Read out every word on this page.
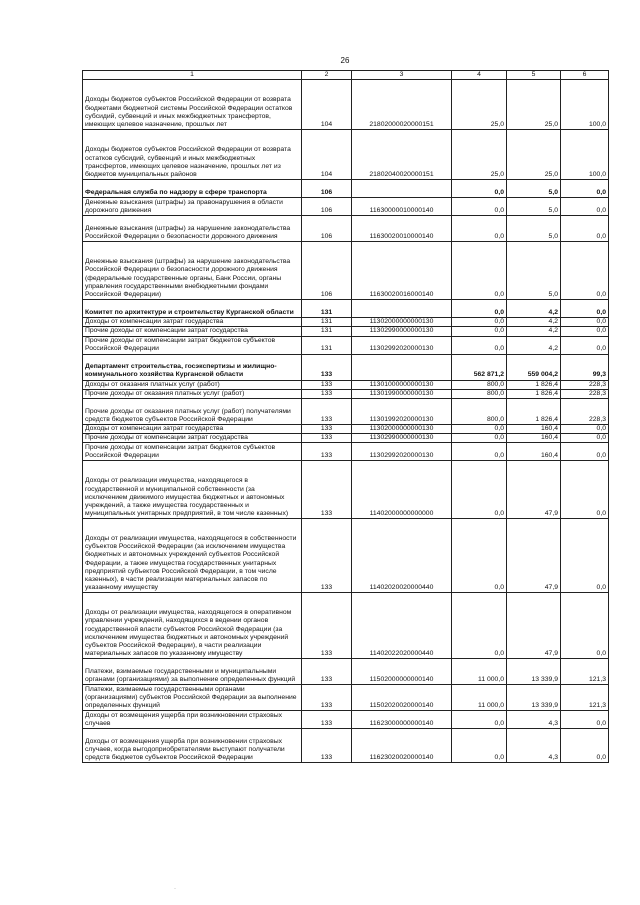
26
1	2	3	4	5	6
Доходы бюджетов субъектов Российской Федерации от возврата бюджетами бюджетной системы Российской Федерации остатков субсидий, субвенций и иных межбюджетных трансфертов, имеющих целевое назначение, прошлых лет	104	21802000020000151	25,0	25,0	100,0
Доходы бюджетов субъектов Российской Федерации от возврата остатков субсидий, субвенций и иных межбюджетных трансфертов, имеющих целевое назначение, прошлых лет из бюджетов муниципальных районов	104	21802040020000151	25,0	25,0	100,0
Федеральная служба по надзору в сфере транспорта	106		0,0	5,0	0,0
Денежные взыскания (штрафы) за правонарушения в области дорожного движения	106	11630000010000140	0,0	5,0	0,0
Денежные взыскания (штрафы) за нарушение законодательства Российской Федерации о безопасности дорожного движения	106	11630020010000140	0,0	5,0	0,0
Денежные взыскания (штрафы) за нарушение законодательства Российской Федерации о безопасности дорожного движения (федеральные государственные органы, Банк России, органы управления государственными внебюджетными фондами Российской Федерации)	106	11630020016000140	0,0	5,0	0,0
Комитет по архитектуре и строительству Курганской области	131		0,0	4,2	0,0
Доходы от компенсации затрат государства	131	11302000000000130	0,0	4,2	0,0
Прочие доходы от компенсации затрат государства	131	11302990000000130	0,0	4,2	0,0
Прочие доходы от компенсации затрат бюджетов субъектов Российской Федерации	131	11302992020000130	0,0	4,2	0,0
Департамент строительства, госэкспертизы и жилищно-коммунального хозяйства Курганской области	133		562 871,2	559 004,2	99,3
Доходы от оказания платных услуг (работ)	133	11301000000000130	800,0	1 826,4	228,3
Прочие доходы от оказания платных услуг (работ)	133	11301990000000130	800,0	1 826,4	228,3
Прочие доходы от оказания платных услуг (работ) получателями средств бюджетов субъектов Российской Федерации	133	11301992020000130	800,0	1 826,4	228,3
Доходы от компенсации затрат государства	133	11302000000000130	0,0	160,4	0,0
Прочие доходы от компенсации затрат государства	133	11302990000000130	0,0	160,4	0,0
Прочие доходы от компенсации затрат бюджетов субъектов Российской Федерации	133	11302992020000130	0,0	160,4	0,0
Доходы от реализации имущества, находящегося в государственной и муниципальной собственности (за исключением движимого имущества бюджетных и автономных учреждений, а также имущества государственных и муниципальных унитарных предприятий, в том числе казенных)	133	11402000000000000	0,0	47,9	0,0
Доходы от реализации имущества, находящегося в собственности субъектов Российской Федерации (за исключением имущества бюджетных и автономных учреждений субъектов Российской Федерации, а также имущества государственных унитарных предприятий субъектов Российской Федерации, в том числе казенных), в части реализации материальных запасов по указанному имуществу	133	11402020020000440	0,0	47,9	0,0
Доходы от реализации имущества, находящегося в оперативном управлении учреждений, находящихся в ведении органов государственной власти субъектов Российской Федерации (за исключением имущества бюджетных и автономных учреждений субъектов Российской Федерации), в части реализации материальных запасов по указанному имуществу	133	11402022020000440	0,0	47,9	0,0
Платежи, взимаемые государственными и муниципальными органами (организациями) за выполнение определенных функций	133	11502000000000140	11 000,0	13 339,9	121,3
Платежи, взимаемые государственными органами (организациями) субъектов Российской Федерации за выполнение определенных функций	133	11502020020000140	11 000,0	13 339,9	121,3
Доходы от возмещения ущерба при возникновении страховых случаев	133	11623000000000140	0,0	4,3	0,0
Доходы от возмещения ущерба при возникновении страховых случаев, когда выгодоприобретателями выступают получатели средств бюджетов субъектов Российской Федерации	133	11623020020000140	0,0	4,3	0,0
·
